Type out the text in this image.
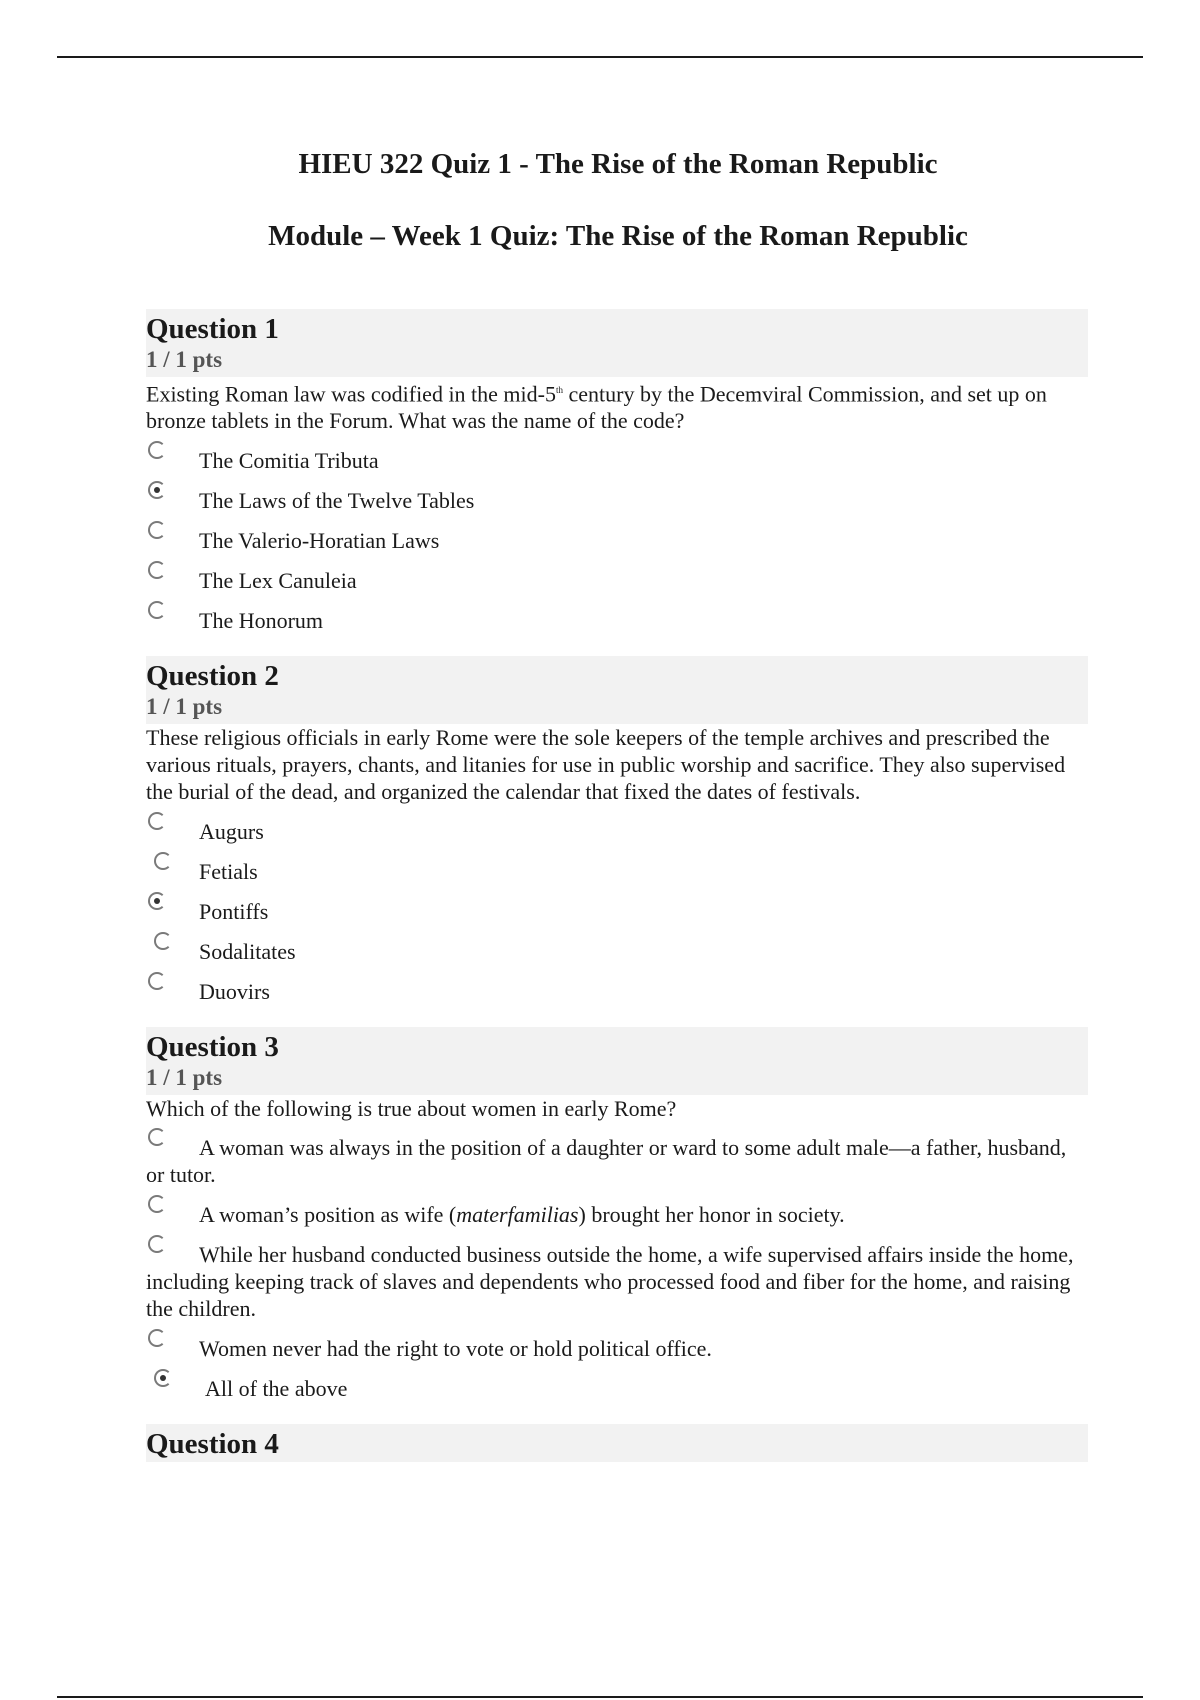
HIEU 322 Quiz 1 - The Rise of the Roman Republic
Module – Week 1 Quiz: The Rise of the Roman Republic
Question 1
1 / 1 pts

Existing Roman law was codified in the mid-5th century by the Decemviral Commission, and set up on bronze tablets in the Forum. What was the name of the code?

The Comitia Tributa
The Laws of the Twelve Tables
The Valerio-Horatian Laws
The Lex Canuleia
The Honorum
Question 2
1 / 1 pts

These religious officials in early Rome were the sole keepers of the temple archives and prescribed the various rituals, prayers, chants, and litanies for use in public worship and sacrifice. They also supervised the burial of the dead, and organized the calendar that fixed the dates of festivals.

Augurs
Fetials
Pontiffs
Sodalitates
Duovirs
Question 3
1 / 1 pts

Which of the following is true about women in early Rome?

A woman was always in the position of a daughter or ward to some adult male—a father, husband, or tutor.
A woman’s position as wife (materfamilias) brought her honor in society.
While her husband conducted business outside the home, a wife supervised affairs inside the home, including keeping track of slaves and dependents who processed food and fiber for the home, and raising the children.
Women never had the right to vote or hold political office.
All of the above
Question 4
